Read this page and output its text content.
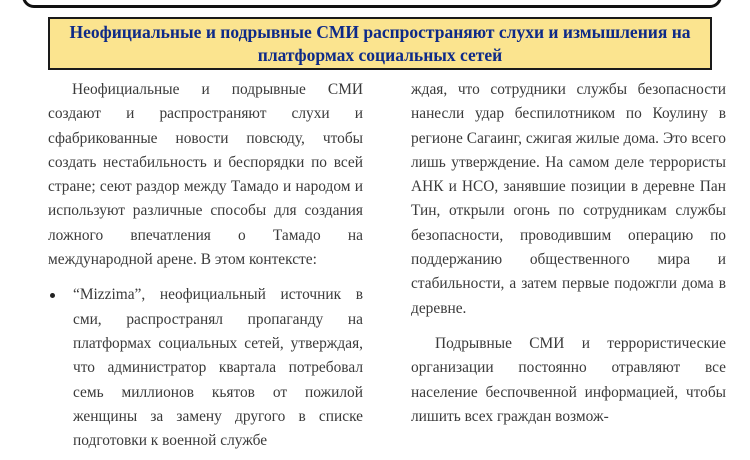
Неофициальные и подрывные СМИ распространяют слухи и измышления на платформах социальных сетей

Неофициальные и подрывные СМИ создают и распространяют слухи и сфабрикованные новости повсюду, чтобы создать нестабильность и беспорядки по всей стране; сеют раздор между Тамадо и народом и используют различные способы для создания ложного впечатления о Тамадо на международной арене. В этом контексте:

“Mizzima”, неофициальный источник в сми, распространял пропаганду на платформах социальных сетей, утверждая, что администратор квартала потребовал семь миллионов кьятов от пожилой женщины за замену другого в списке подготовки к военной службе

ждая, что сотрудники службы безопасности нанесли удар беспилотником по Коулину в регионе Сагаинг, сжигая жилые дома. Это всего лишь утверждение. На самом деле террористы АНК и НСО, занявшие позиции в деревне Пан Тин, открыли огонь по сотрудникам службы безопасности, проводившим операцию по поддержанию общественного мира и стабильности, а затем первые подожгли дома в деревне.

Подрывные СМИ и террористические организации постоянно отравляют все население беспочвенной информацией, чтобы лишить всех граждан возмож-
